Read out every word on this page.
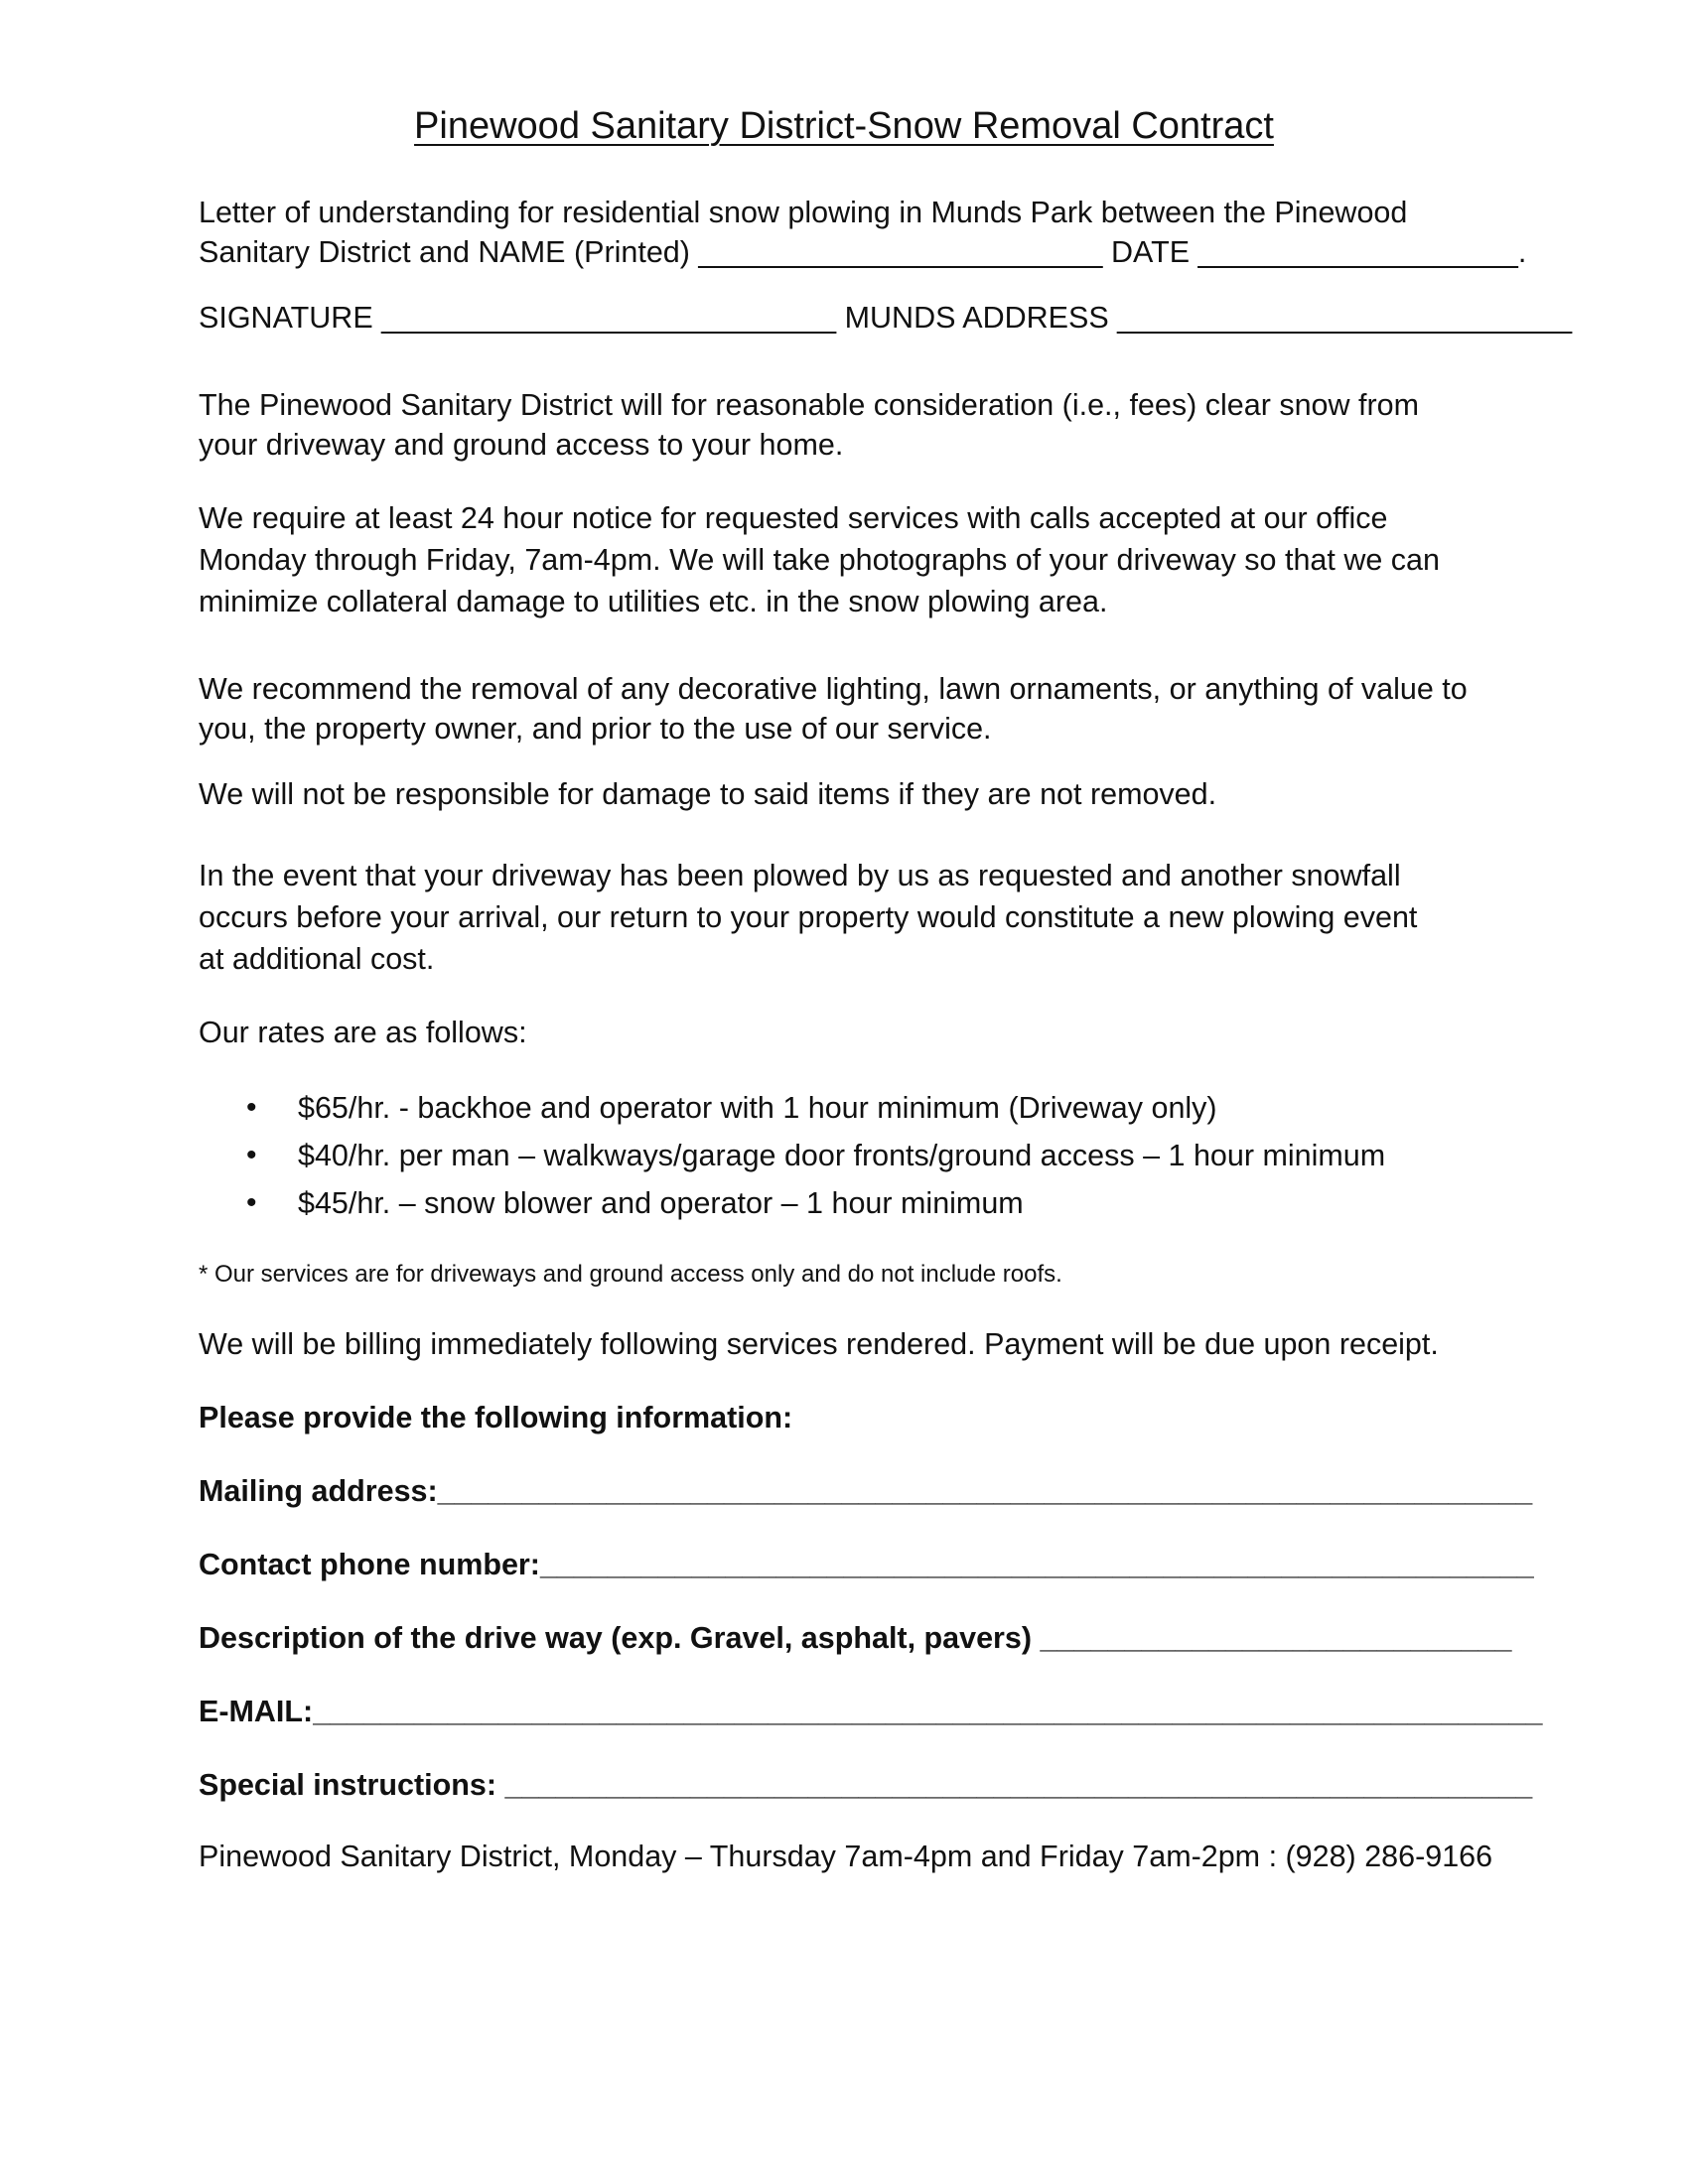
Pinewood Sanitary District-Snow Removal Contract
Letter of understanding for residential snow plowing in Munds Park between the Pinewood
Sanitary District and NAME (Printed) ________________________ DATE ___________________.
SIGNATURE ___________________________ MUNDS ADDRESS ___________________________
The Pinewood Sanitary District will for reasonable consideration (i.e., fees) clear snow from
your driveway and ground access to your home.
We require at least 24 hour notice for requested services with calls accepted at our office
Monday through Friday, 7am-4pm. We will take photographs of your driveway so that we can
minimize collateral damage to utilities etc. in the snow plowing area.
We recommend the removal of any decorative lighting, lawn ornaments, or anything of value to
you, the property owner, and prior to the use of our service.
We will not be responsible for damage to said items if they are not removed.
In the event that your driveway has been plowed by us as requested and another snowfall
occurs before your arrival, our return to your property would constitute a new plowing event
at additional cost.
Our rates are as follows:
• $65/hr. - backhoe and operator with 1 hour minimum (Driveway only)
• $40/hr. per man – walkways/garage door fronts/ground access – 1 hour minimum
• $45/hr. – snow blower and operator – 1 hour minimum
* Our services are for driveways and ground access only and do not include roofs.
We will be billing immediately following services rendered. Payment will be due upon receipt.
Please provide the following information:
Mailing address:_________________________________________________________________
Contact phone number:___________________________________________________________
Description of the drive way (exp. Gravel, asphalt, pavers) ____________________________
E-MAIL:_________________________________________________________________________
Special instructions: _____________________________________________________________
Pinewood Sanitary District, Monday – Thursday 7am-4pm and Friday 7am-2pm : (928) 286-9166
